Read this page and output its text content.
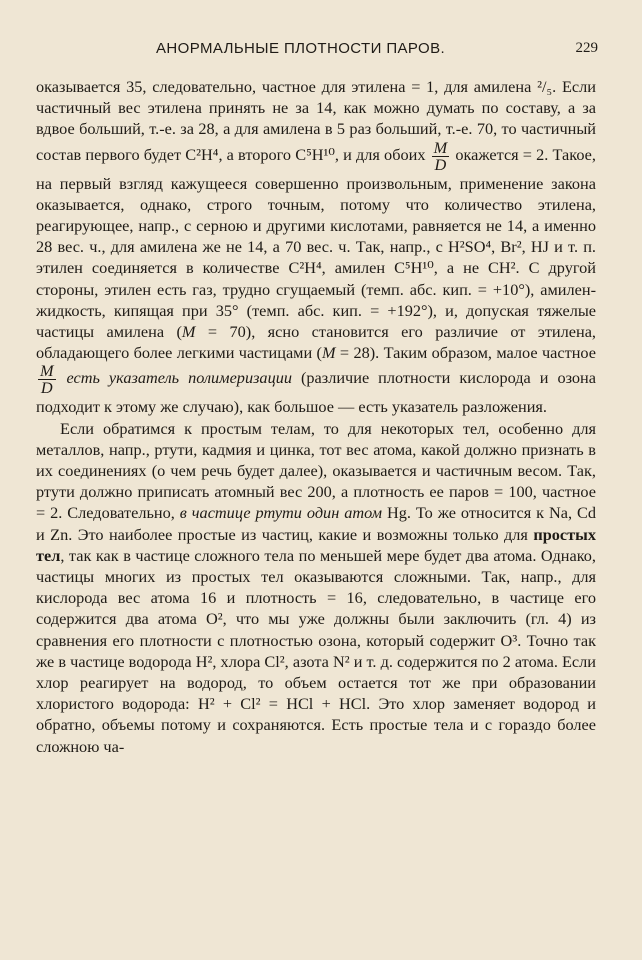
АНОРМАЛЬНЫЕ ПЛОТНОСТИ ПАРОВ.	229

оказывается 35, следовательно, частное для этилена = 1, для амилена ²/₅. Если частичный вес этилена принять не за 14, как можно думать по составу, а за вдвое больший, т.-е. за 28, а для амилена в 5 раз больший, т.-е. 70, то частичный состав первого будет C²H⁴, а второго C⁵H¹⁰, и для обоих $\frac{M}{D}$ окажется = 2. Такое, на первый взгляд кажущееся совершенно произвольным, применение закона оказывается, однако, строго точным, потому что количество этилена, реагирующее, напр., с серною и другими кислотами, равняется не 14, а именно 28 вес. ч., для амилена же не 14, а 70 вес. ч. Так, напр., с H²SO⁴, Br², HJ и т. п. этилен соединяется в количестве C²H⁴, амилен C⁵H¹⁰, а не CH². С другой стороны, этилен есть газ, трудно сгущаемый (темп. абс. кип. = +10°), амилен-жидкость, кипящая при 35° (темп. абс. кип. = +192°), и, допуская тяжелые частицы амилена (M = 70), ясно становится его различие от этилена, обладающего более легкими частицами (M = 28). Таким образом, малое частное
$\frac{M}{D}$ есть указатель полимеризации (различие плотности кислорода и озона подходит к этому же случаю), как большое — есть указатель разложения.

Если обратимся к простым телам, то для некоторых тел, особенно для металлов, напр., ртути, кадмия и цинка, тот вес атома, какой должно признать в их соединениях (о чем речь будет далее), оказывается и частичным весом. Так, ртути должно приписать атомный вес 200, а плотность ее паров = 100, частное = 2. Следовательно, в частице ртути один атом Hg. То же относится к Na, Cd и Zn. Это наиболее простые из частиц, какие и возможны только для простых тел, так как в частице сложного тела по меньшей мере будет два атома. Однако, частицы многих из простых тел оказываются сложными. Так, напр., для кислорода вес атома 16 и плотность = 16, следовательно, в частице его содержится два атома O², что мы уже должны были заключить (гл. 4) из сравнения его плотности с плотностью озона, который содержит O³. Точно так же в частице водорода H², хлора Cl², азота N² и т. д. содержится по 2 атома. Если хлор реагирует на водород, то объем остается тот же при образовании хлористого водорода: H² + Cl² = HCl + HCl. Это хлор заменяет водород и обратно, объемы потому и сохраняются. Есть простые тела и с гораздо более сложною ча-
